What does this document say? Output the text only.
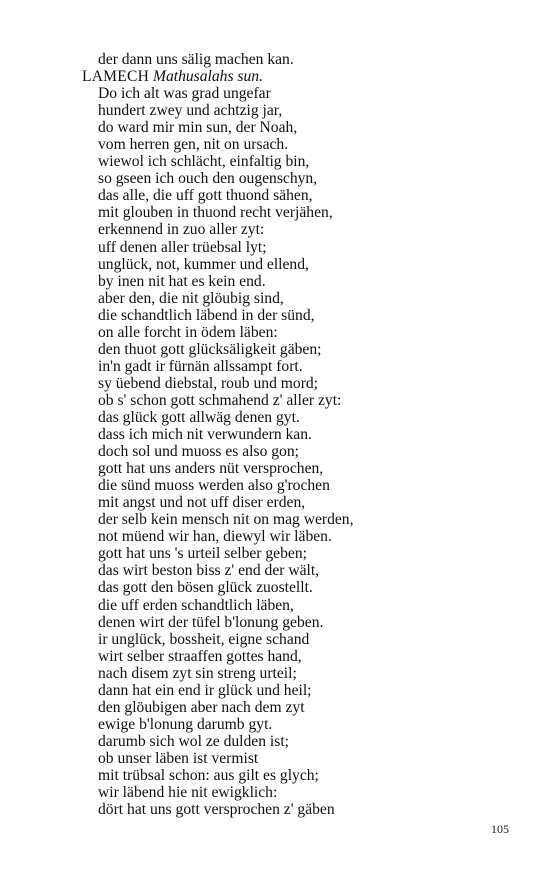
der dann uns sälig machen kan.
LAMECH Mathusalahs sun.
Do ich alt was grad ungefar
hundert zwey und achtzig jar,
do ward mir min sun, der Noah,
vom herren gen, nit on ursach.
wiewol ich schlächt, einfaltig bin,
so gseen ich ouch den ougenschyn,
das alle, die uff gott thuond sähen,
mit glouben in thuond recht verjähen,
erkennend in zuo aller zyt:
uff denen aller trüebsal lyt;
unglück, not, kummer und ellend,
by inen nit hat es kein end.
aber den, die nit glöubig sind,
die schandtlich läbend in der sünd,
on alle forcht in ödem läben:
den thuot gott glücksäligkeit gäben;
in'n gadt ir fürnän allssampt fort.
sy üebend diebstal, roub und mord;
ob s' schon gott schmahend z' aller zyt:
das glück gott allwäg denen gyt.
dass ich mich nit verwundern kan.
doch sol und muoss es also gon;
gott hat uns anders nüt versprochen,
die sünd muoss werden also g'rochen
mit angst und not uff diser erden,
der selb kein mensch nit on mag werden,
not müend wir han, diewyl wir läben.
gott hat uns 's urteil selber geben;
das wirt beston biss z' end der wält,
das gott den bösen glück zuostellt.
die uff erden schandtlich läben,
denen wirt der tüfel b'lonung geben.
ir unglück, bossheit, eigne schand
wirt selber straaffen gottes hand,
nach disem zyt sin streng urteil;
dann hat ein end ir glück und heil;
den glöubigen aber nach dem zyt
ewige b'lonung darumb gyt.
darumb sich wol ze dulden ist;
ob unser läben ist vermist
mit trübsal schon: aus gilt es glych;
wir läbend hie nit ewigklich:
dört hat uns gott versprochen z' gäben
105
